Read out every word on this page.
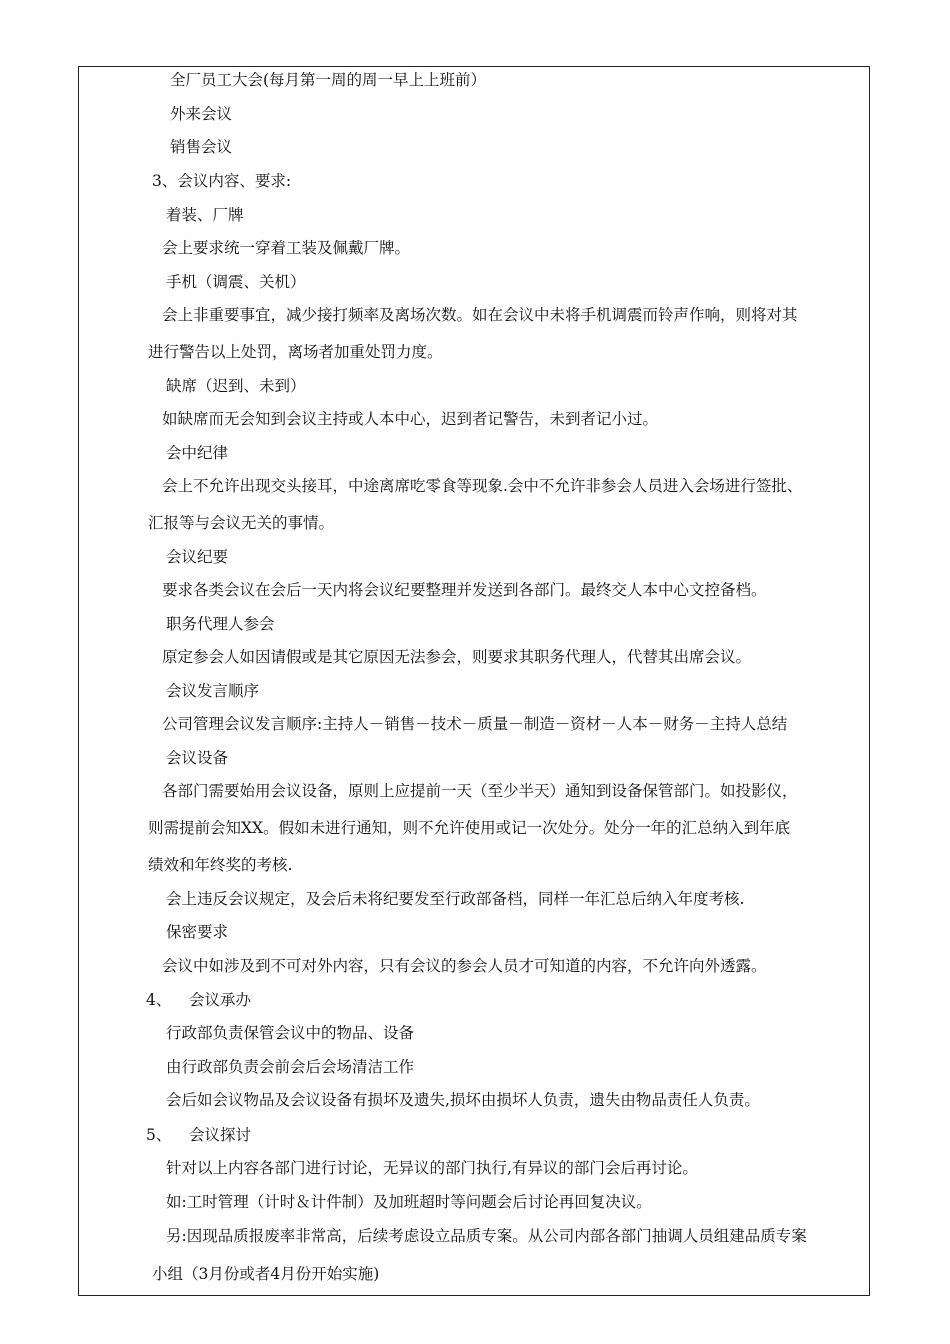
全厂员工大会(每月第一周的周一早上上班前）
外来会议
销售会议
3、会议内容、要求:
着装、厂牌
会上要求统一穿着工装及佩戴厂牌。
手机（调震、关机）
会上非重要事宜，减少接打频率及离场次数。如在会议中未将手机调震而铃声作响，则将对其
进行警告以上处罚，离场者加重处罚力度。
缺席（迟到、未到）
如缺席而无会知到会议主持或人本中心，迟到者记警告，未到者记小过。
会中纪律
会上不允许出现交头接耳，中途离席吃零食等现象.会中不允许非参会人员进入会场进行签批、
汇报等与会议无关的事情。
会议纪要
要求各类会议在会后一天内将会议纪要整理并发送到各部门。最终交人本中心文控备档。
职务代理人参会
原定参会人如因请假或是其它原因无法参会，则要求其职务代理人，代替其出席会议。
会议发言顺序
公司管理会议发言顺序:主持人－销售－技术－质量－制造－资材－人本－财务－主持人总结
会议设备
各部门需要始用会议设备，原则上应提前一天（至少半天）通知到设备保管部门。如投影仪，
则需提前会知XX。假如未进行通知，则不允许使用或记一次处分。处分一年的汇总纳入到年底
绩效和年终奖的考核.
会上违反会议规定，及会后未将纪要发至行政部备档，同样一年汇总后纳入年度考核.
保密要求
会议中如涉及到不可对外内容，只有会议的参会人员才可知道的内容，不允许向外透露。
4、 会议承办
行政部负责保管会议中的物品、设备
由行政部负责会前会后会场清洁工作
会后如会议物品及会议设备有损坏及遗失,损坏由损坏人负责，遗失由物品责任人负责。
5、 会议探讨
针对以上内容各部门进行讨论，无异议的部门执行,有异议的部门会后再讨论。
如:工时管理（计时＆计件制）及加班超时等问题会后讨论再回复决议。
另:因现品质报废率非常高，后续考虑设立品质专案。从公司内部各部门抽调人员组建品质专案
小组（3月份或者4月份开始实施)
